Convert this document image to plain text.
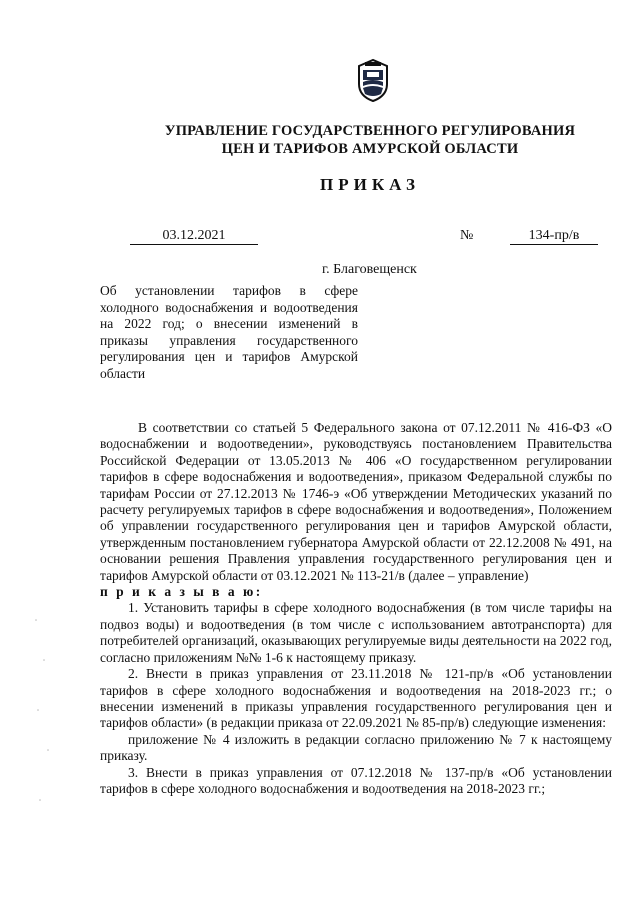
УПРАВЛЕНИЕ ГОСУДАРСТВЕННОГО РЕГУЛИРОВАНИЯ
ЦЕН И ТАРИФОВ АМУРСКОЙ ОБЛАСТИ
ПРИКАЗ
03.12.2021	№	134-пр/в
г. Благовещенск
Об установлении тарифов в сфере холодного водоснабжения и водоотведения на 2022 год; о внесении изменений в приказы управления государственного регулирования цен и тарифов Амурской области

В соответствии со статьей 5 Федерального закона от 07.12.2011 № 416-ФЗ «О водоснабжении и водоотведении», руководствуясь постановлением Правительства Российской Федерации от 13.05.2013 № 406 «О государственном регулировании тарифов в сфере водоснабжения и водоотведения», приказом Федеральной службы по тарифам России от 27.12.2013 № 1746-э «Об утверждении Методических указаний по расчету регулируемых тарифов в сфере водоснабжения и водоотведения», Положением об управлении государственного регулирования цен и тарифов Амурской области, утвержденным постановлением губернатора Амурской области от 22.12.2008 № 491, на основании решения Правления управления государственного регулирования цен и тарифов Амурской области от 03.12.2021 № 113-21/в (далее – управление)

п р и к а з ы в а ю:

1. Установить тарифы в сфере холодного водоснабжения (в том числе тарифы на подвоз воды) и водоотведения (в том числе с использованием автотранспорта) для потребителей организаций, оказывающих регулируемые виды деятельности на 2022 год, согласно приложениям №№ 1-6 к настоящему приказу.

2. Внести в приказ управления от 23.11.2018 № 121-пр/в «Об установлении тарифов в сфере холодного водоснабжения и водоотведения на 2018-2023 гг.; о внесении изменений в приказы управления государственного регулирования цен и тарифов области» (в редакции приказа от 22.09.2021 № 85-пр/в) следующие изменения:

приложение № 4 изложить в редакции согласно приложению № 7 к настоящему приказу.

3. Внести в приказ управления от 07.12.2018 № 137-пр/в «Об установлении тарифов в сфере холодного водоснабжения и водоотведения на 2018-2023 гг.;
